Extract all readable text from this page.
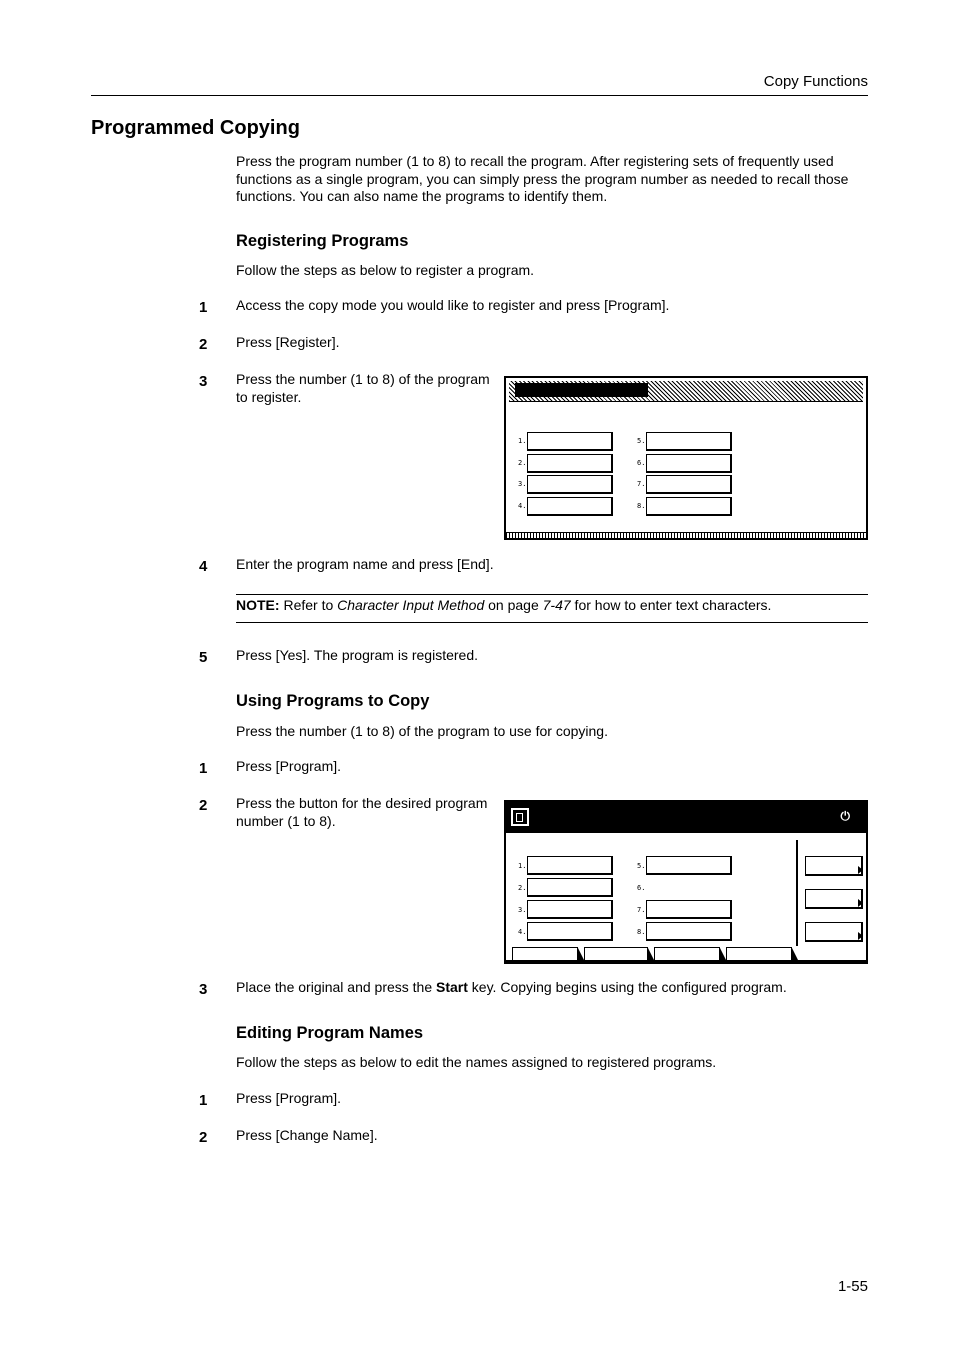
Copy Functions
Programmed Copying
Press the program number (1 to 8) to recall the program. After registering sets of frequently used functions as a single program, you can simply press the program number as needed to recall those functions. You can also name the programs to identify them.
Registering Programs
Follow the steps as below to register a program.
1 Access the copy mode you would like to register and press [Program].
2 Press [Register].
3 Press the number (1 to 8) of the program to register.
1.
2.
3.
4.
5.
6.
7.
8.
4 Enter the program name and press [End].
NOTE: Refer to Character Input Method on page 7-47 for how to enter text characters.
5 Press [Yes]. The program is registered.
Using Programs to Copy
Press the number (1 to 8) of the program to use for copying.
1 Press [Program].
2 Press the button for the desired program number (1 to 8).	⏻
1.
2.
3.
4.
5.
6.
7.
8.
3 Place the original and press the Start key. Copying begins using the configured program.
Editing Program Names
Follow the steps as below to edit the names assigned to registered programs.
1 Press [Program].
2 Press [Change Name].
1-55
